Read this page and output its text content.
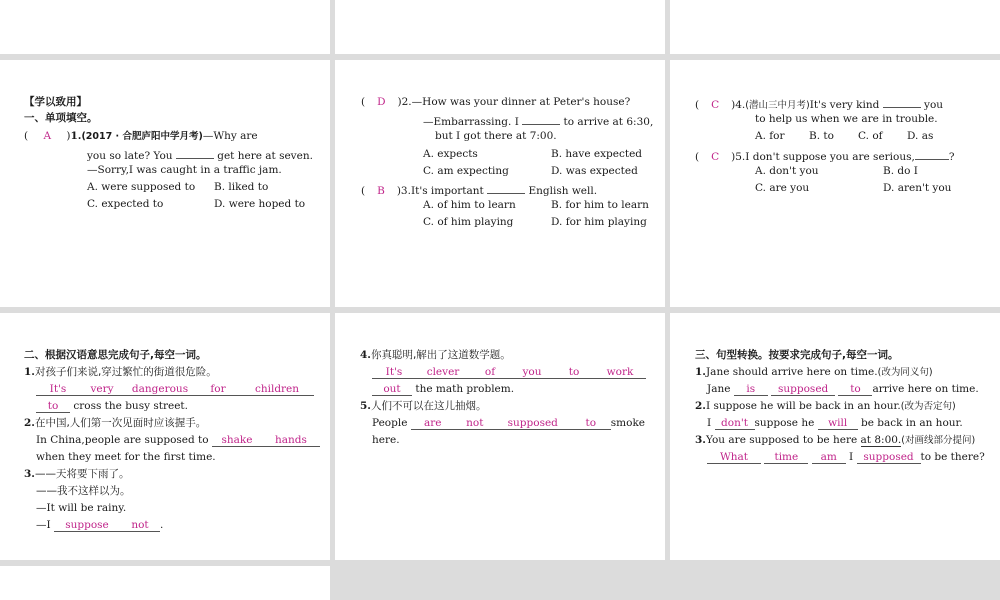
【学以致用】
一、单项填空。
( A )1.(2017 · 合肥庐阳中学月考)—Why are
you so late? You	get here at seven.
—Sorry,I was caught in a traffic jam.
A. were supposed to B. liked to
C. expected to	D. were hoped to
( D )2.—How was your dinner at Peter's house?
—Embarrassing. I	to arrive at 6:30,
but I got there at 7:00.
A. expects	B. have expected
C. am expecting	D. was expected
( B )3.It's important	English well.
A. of him to learn	B. for him to learn
C. of him playing	D. for him playing
( C )4.(潜山三中月考)It's very kind	you
to help us when we are in trouble.
A. for B. to C. of D. as
( C )5.I don't suppose you are serious,	?
A. don't you	B. do I
C. are you	D. aren't you
二、根据汉语意思完成句子,每空一词。
1.对孩子们来说,穿过繁忙的街道很危险。
It's very dangerous for	children
to cross the busy street.
2.在中国,人们第一次见面时应该握手。
In China,people are supposed to shake hands
when they meet for the first time.
3.——天将要下雨了。
——我不这样以为。
—It will be rainy.
—I suppose not .
4.你真聪明,解出了这道数学题。
It's clever of	you	to	work
out the math problem.
5.人们不可以在这儿抽烟。
People are not supposed	to smoke
here.
三、句型转换。按要求完成句子,每空一词。
1.Jane should arrive here on time.(改为同义句)
Jane is supposed to arrive here on time.
2.I suppose he will be back in an hour.(改为否定句)
I don't suppose he will be back in an hour.
3.You are supposed to be here at 8:00.(对画线部分提问)
What	time am I supposed to be there?
